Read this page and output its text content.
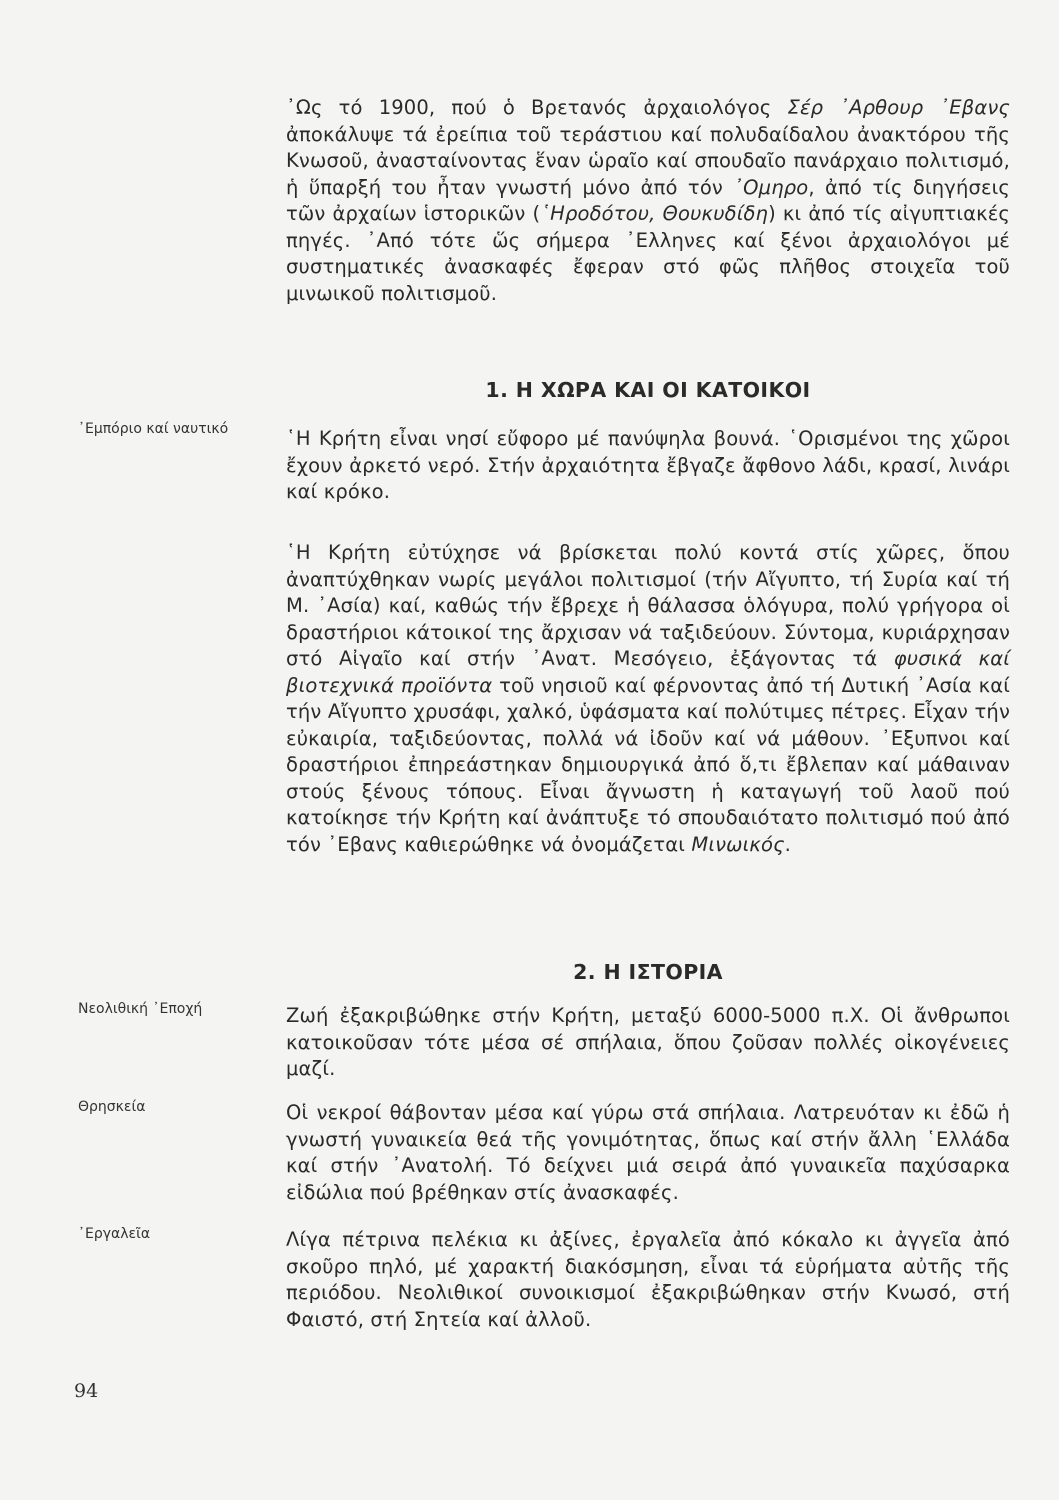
᾽Ως τό 1900, πού ὁ Βρετανός ἀρχαιολόγος Σέρ ᾽Αρθουρ ᾽Εβανς ἀποκάλυψε τά ἐρείπια τοῦ τεράστιου καί πολυδαίδαλου ἀνακτόρου τῆς Κνωσοῦ, ἀνασταίνοντας ἕναν ὡραῖο καί σπουδαῖο πανάρχαιο πολιτισμό, ἡ ὕπαρξή του ἦταν γνωστή μόνο ἀπό τόν ᾽Ομηρο, ἀπό τίς διηγήσεις τῶν ἀρχαίων ἱστορικῶν (῾Ηροδότου, Θουκυδίδη) κι ἀπό τίς αἰγυπτιακές πηγές. ᾿Από τότε ὥς σήμερα ᾽Ελληνες καί ξένοι ἀρχαιολόγοι μέ συστηματικές ἀνασκαφές ἔφεραν στό φῶς πλῆθος στοιχεῖα τοῦ μινωικοῦ πολιτισμοῦ.

1. Η ΧΩΡΑ ΚΑΙ ΟΙ ΚΑΤΟΙΚΟΙ

᾿Εμπόριο καί ναυτικό	῾Η Κρήτη εἶναι νησί εὔφορο μέ πανύψηλα βουνά. ῾Ορισμένοι της χῶροι ἔχουν ἀρκετό νερό. Στήν ἀρχαιότητα ἔβγαζε ἄφθονο λάδι, κρασί, λινάρι καί κρόκο.

῾Η Κρήτη εὐτύχησε νά βρίσκεται πολύ κοντά στίς χῶρες, ὅπου ἀναπτύχθηκαν νωρίς μεγάλοι πολιτισμοί (τήν Αἴγυπτο, τή Συρία καί τή Μ. ᾿Ασία) καί, καθώς τήν ἔβρεχε ἡ θάλασσα ὁλόγυρα, πολύ γρήγορα οἱ δραστήριοι κάτοικοί της ἄρχισαν νά ταξιδεύουν. Σύντομα, κυριάρχησαν στό Αἰγαῖο καί στήν ᾿Ανατ. Μεσόγειο, ἐξάγοντας τά φυσικά καί βιοτεχνικά προϊόντα τοῦ νησιοῦ καί φέρνοντας ἀπό τή Δυτική ᾿Ασία καί τήν Αἴγυπτο χρυσάφι, χαλκό, ὑφάσματα καί πολύτιμες πέτρες. Εἶχαν τήν εὐκαιρία, ταξιδεύοντας, πολλά νά ἰδοῦν καί νά μάθουν. ᾽Εξυπνοι καί δραστήριοι ἐπηρεάστηκαν δημιουργικά ἀπό ὅ,τι ἔβλεπαν καί μάθαιναν στούς ξένους τόπους. Εἶναι ἄγνωστη ἡ καταγωγή τοῦ λαοῦ πού κατοίκησε τήν Κρήτη καί ἀνάπτυξε τό σπουδαιότατο πολιτισμό πού ἀπό τόν ᾽Εβανς καθιερώθηκε νά ὀνομάζεται Μινωικός.

2. Η ΙΣΤΟΡΙΑ

Νεολιθική ᾿Εποχή	Ζωή ἐξακριβώθηκε στήν Κρήτη, μεταξύ 6000-5000 π.Χ. Οἱ ἄνθρωποι κατοικοῦσαν τότε μέσα σέ σπήλαια, ὅπου ζοῦσαν πολλές οἰκογένειες μαζί.

Θρησκεία	Οἱ νεκροί θάβονταν μέσα καί γύρω στά σπήλαια. Λατρευόταν κι ἐδῶ ἡ γνωστή γυναικεία θεά τῆς γονιμότητας, ὅπως καί στήν ἄλλη ῾Ελλάδα καί στήν ᾿Ανατολή. Τό δείχνει μιά σειρά ἀπό γυναικεῖα παχύσαρκα εἰδώλια πού βρέθηκαν στίς ἀνασκαφές.

᾿Εργαλεῖα	Λίγα πέτρινα πελέκια κι ἀξίνες, ἐργαλεῖα ἀπό κόκαλο κι ἀγγεῖα ἀπό σκοῦρο πηλό, μέ χαρακτή διακόσμηση, εἶναι τά εὑρήματα αὐτῆς τῆς περιόδου. Νεολιθικοί συνοικισμοί ἐξακριβώθηκαν στήν Κνωσό, στή Φαιστό, στή Σητεία καί ἀλλοῦ.

94
